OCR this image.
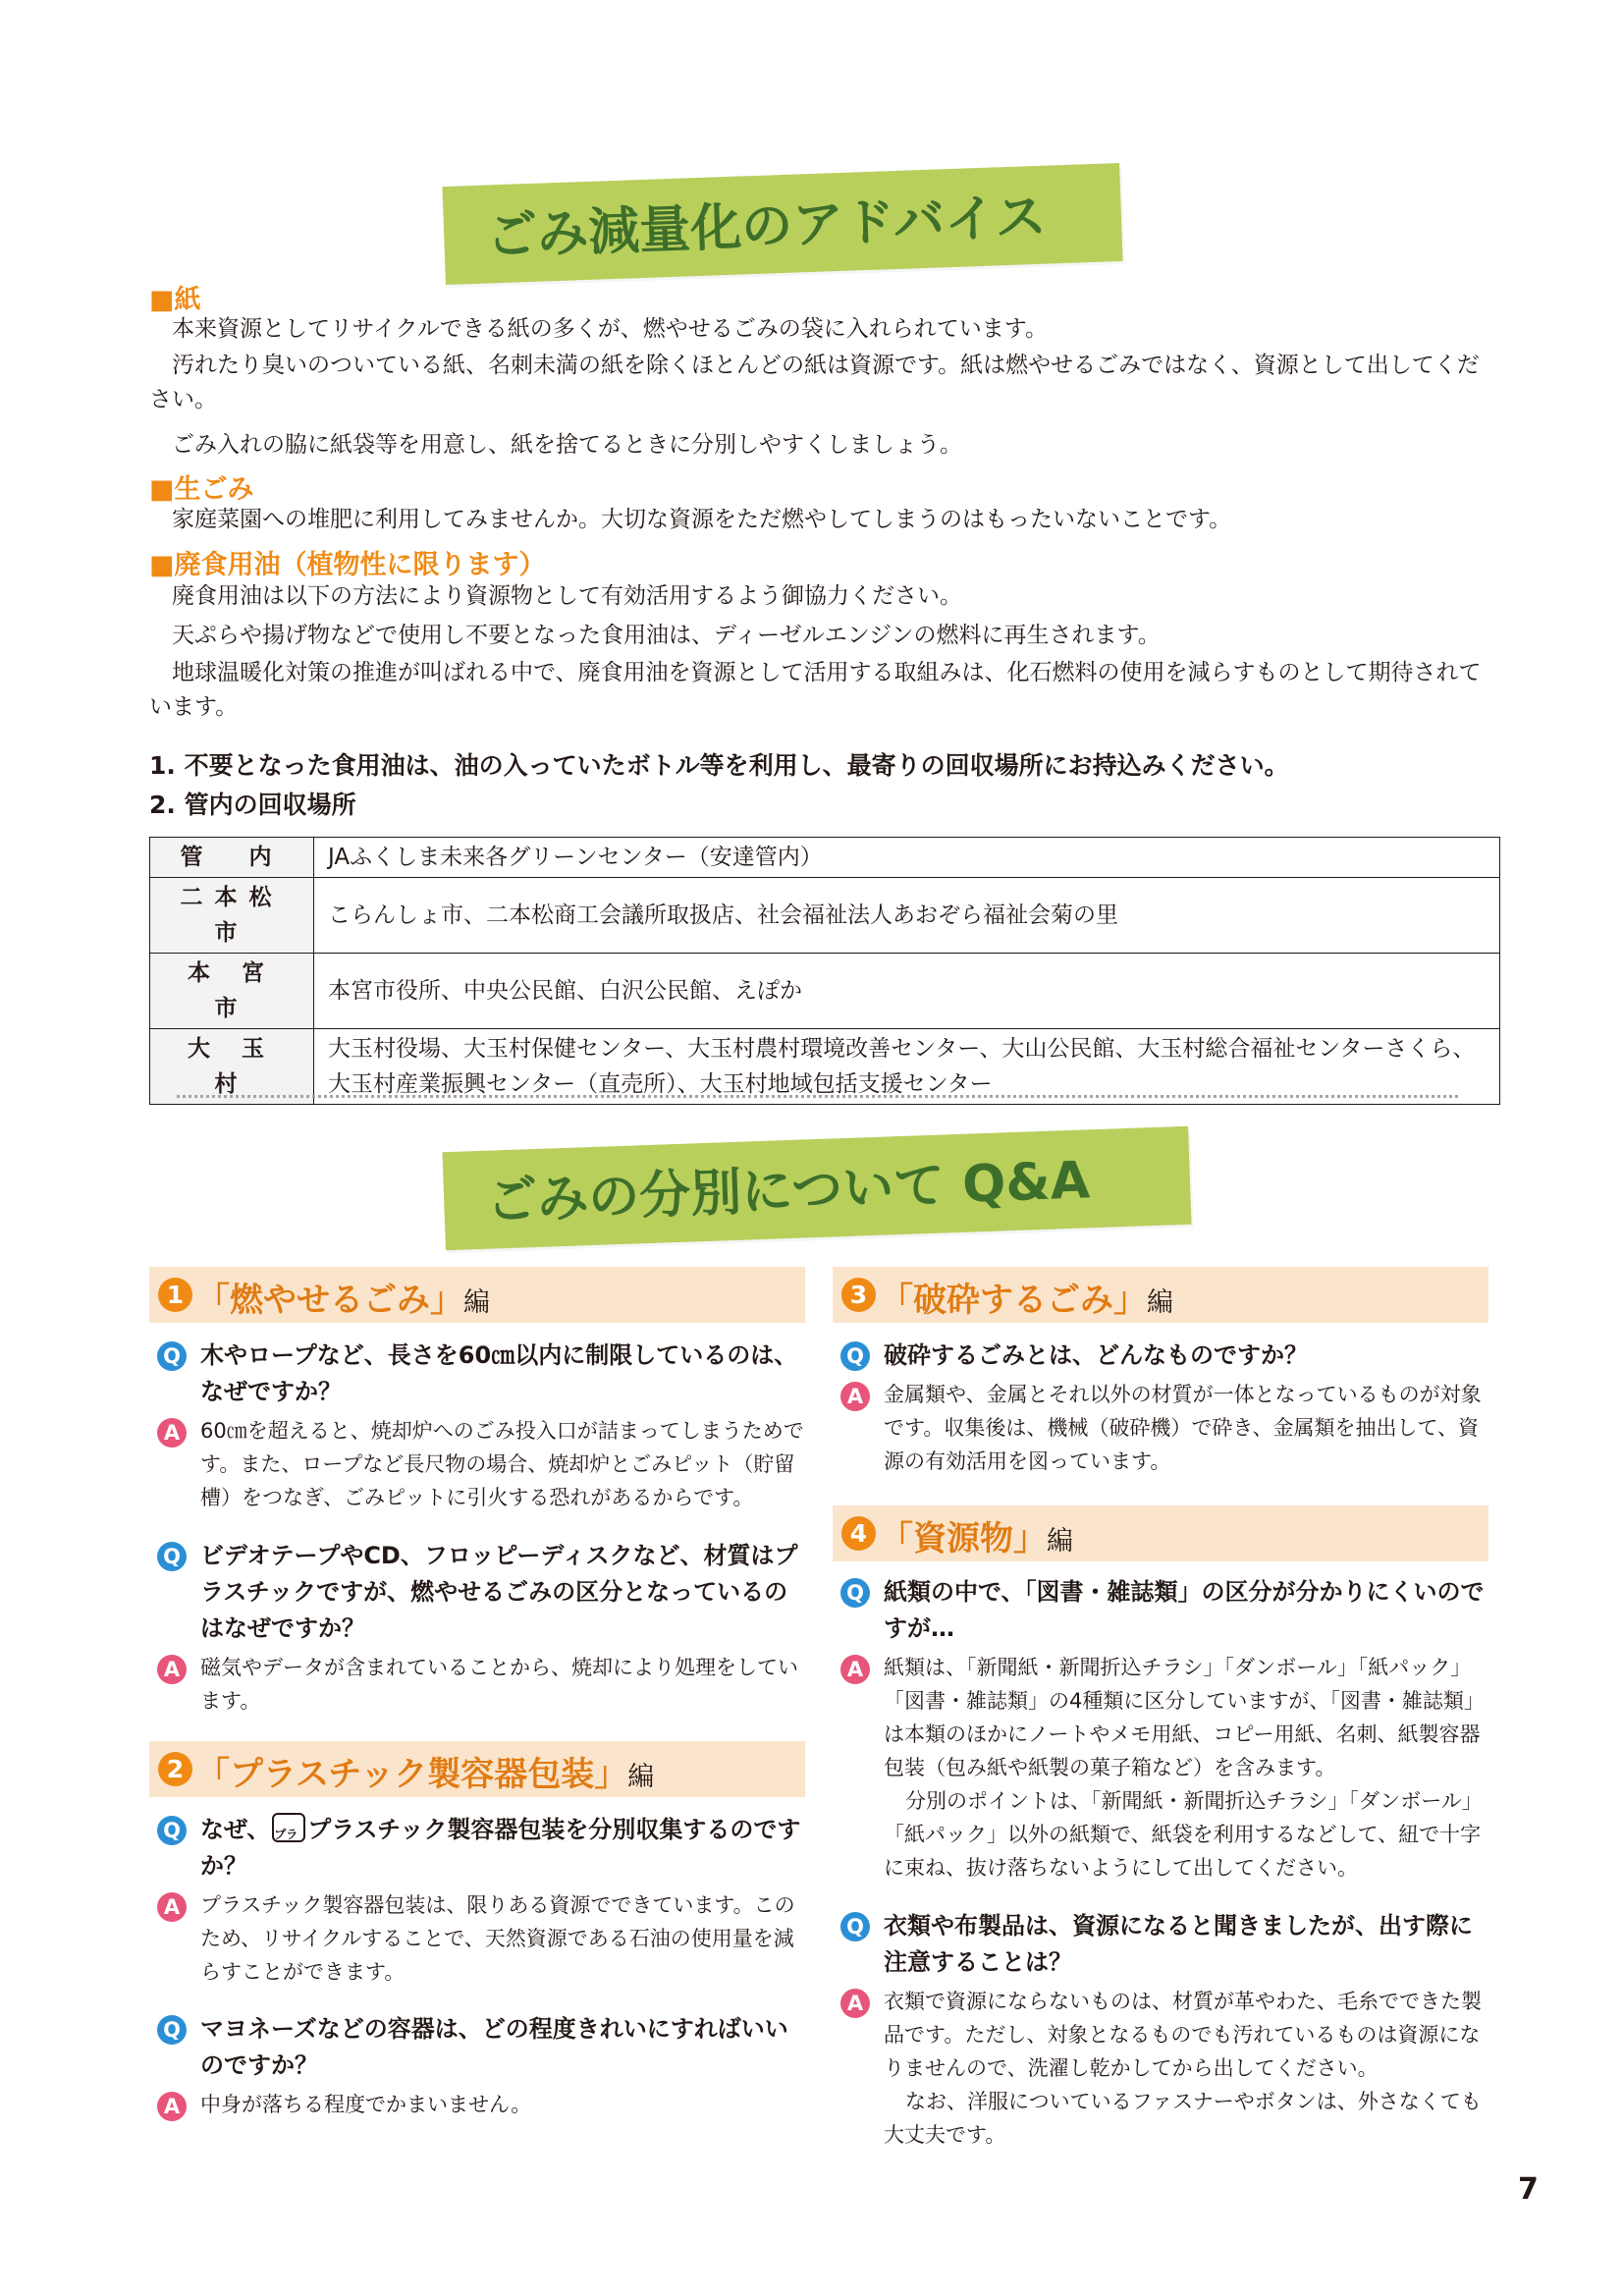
ごみ減量化のアドバイス
■紙
本来資源としてリサイクルできる紙の多くが、燃やせるごみの袋に入れられています。
汚れたり臭いのついている紙、名刺未満の紙を除くほとんどの紙は資源です。紙は燃やせるごみではなく、資源として出してください。
ごみ入れの脇に紙袋等を用意し、紙を捨てるときに分別しやすくしましょう。
■生ごみ
家庭菜園への堆肥に利用してみませんか。大切な資源をただ燃やしてしまうのはもったいないことです。
■廃食用油（植物性に限ります）
廃食用油は以下の方法により資源物として有効活用するよう御協力ください。
天ぷらや揚げ物などで使用し不要となった食用油は、ディーゼルエンジンの燃料に再生されます。
地球温暖化対策の推進が叫ばれる中で、廃食用油を資源として活用する取組みは、化石燃料の使用を減らすものとして期待されています。
1. 不要となった食用油は、油の入っていたボトル等を利用し、最寄りの回収場所にお持込みください。
2. 管内の回収場所
管　内	JAふくしま未来各グリーンセンター（安達管内）
二本松市	こらんしょ市、二本松商工会議所取扱店、社会福祉法人あおぞら福祉会菊の里
本 宮 市	本宮市役所、中央公民館、白沢公民館、えぽか
大 玉 村	大玉村役場、大玉村保健センター、大玉村農村環境改善センター、大山公民館、大玉村総合福祉センターさくら、大玉村産業振興センター（直売所）、大玉村地域包括支援センター
ごみの分別について Q&A
1 「燃やせるごみ」編
Q 木やロープなど、長さを60㎝以内に制限しているのは、なぜですか？
A 60㎝を超えると、焼却炉へのごみ投入口が詰まってしまうためです。また、ロープなど長尺物の場合、焼却炉とごみピット（貯留槽）をつなぎ、ごみピットに引火する恐れがあるからです。
Q ビデオテープやCD、フロッピーディスクなど、材質はプラスチックですが、燃やせるごみの区分となっているのはなぜですか？
A 磁気やデータが含まれていることから、焼却により処理をしています。
2 「プラスチック製容器包装」編
Q なぜ、 プラ プラスチック製容器包装を分別収集するのですか？
A プラスチック製容器包装は、限りある資源でできています。このため、リサイクルすることで、天然資源である石油の使用量を減らすことができます。
Q マヨネーズなどの容器は、どの程度きれいにすればいいのですか？
A 中身が落ちる程度でかまいません。
3 「破砕するごみ」編
Q 破砕するごみとは、どんなものですか？
A 金属類や、金属とそれ以外の材質が一体となっているものが対象です。収集後は、機械（破砕機）で砕き、金属類を抽出して、資源の有効活用を図っています。
4 「資源物」編
Q 紙類の中で、「図書・雑誌類」の区分が分かりにくいのですが…
A 紙類は、「新聞紙・新聞折込チラシ」「ダンボール」「紙パック」「図書・雑誌類」の4種類に区分していますが、「図書・雑誌類」は本類のほかにノートやメモ用紙、コピー用紙、名刺、紙製容器包装（包み紙や紙製の菓子箱など）を含みます。
分別のポイントは、「新聞紙・新聞折込チラシ」「ダンボール」「紙パック」以外の紙類で、紙袋を利用するなどして、紐で十字に束ね、抜け落ちないようにして出してください。
Q 衣類や布製品は、資源になると聞きましたが、出す際に注意することは？
A 衣類で資源にならないものは、材質が革やわた、毛糸でできた製品です。ただし、対象となるものでも汚れているものは資源になりませんので、洗濯し乾かしてから出してください。
なお、洋服についているファスナーやボタンは、外さなくても大丈夫です。
7
